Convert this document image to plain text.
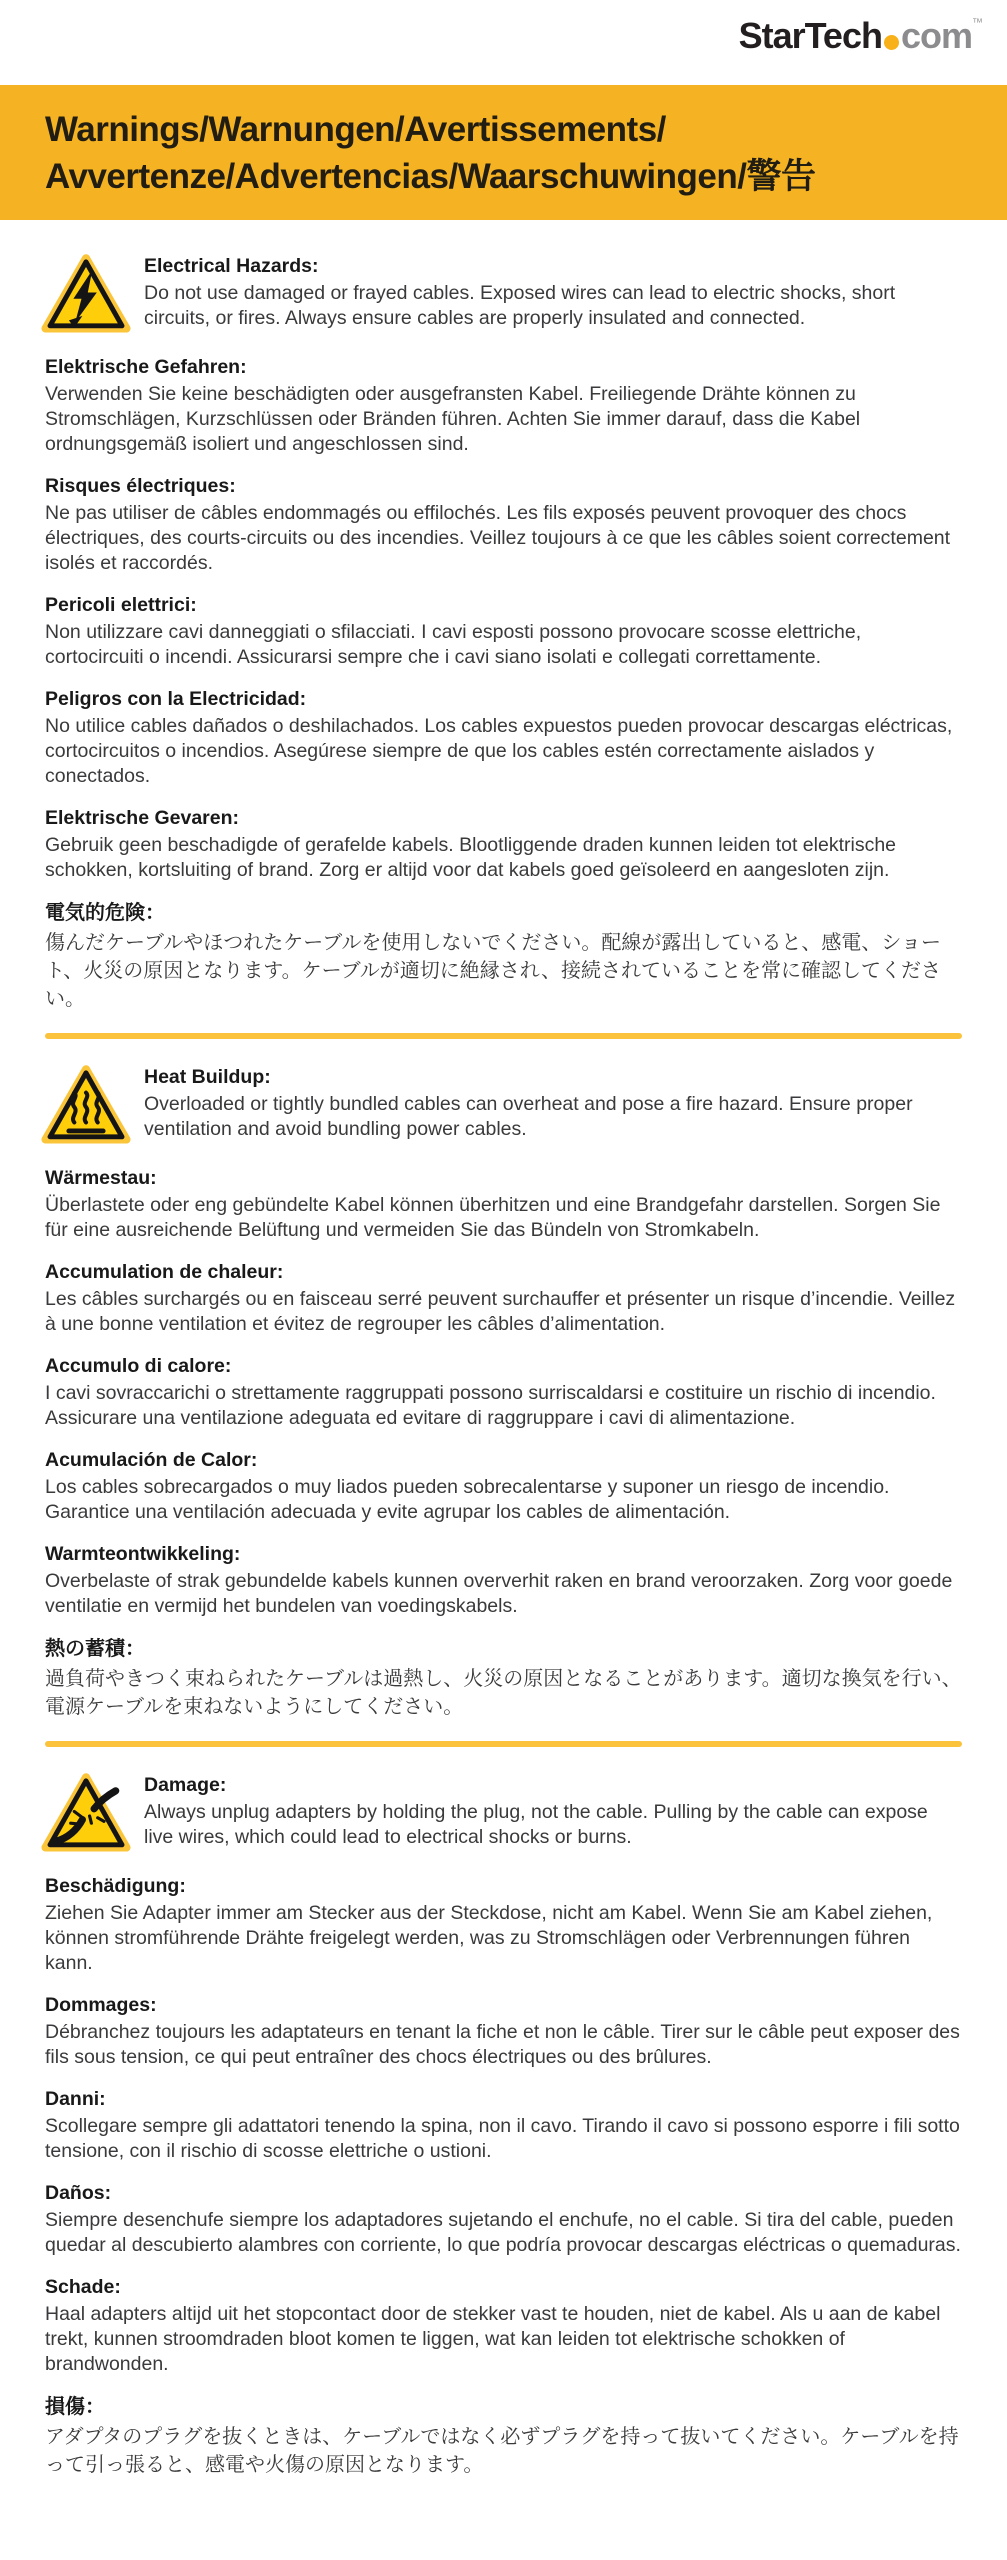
StarTech com™
Warnings/Warnungen/Avertissements/
Avvertenze/Advertencias/Waarschuwingen/警告
Electrical Hazards:

Do not use damaged or frayed cables. Exposed wires can lead to electric shocks, short circuits, or fires. Always ensure cables are properly insulated and connected.

Elektrische Gefahren:

Verwenden Sie keine beschädigten oder ausgefransten Kabel. Freiliegende Drähte können zu Stromschlägen, Kurzschlüssen oder Bränden führen. Achten Sie immer darauf, dass die Kabel ordnungsgemäß isoliert und angeschlossen sind.

Risques électriques:

Ne pas utiliser de câbles endommagés ou effilochés. Les fils exposés peuvent provoquer des chocs électriques, des courts-circuits ou des incendies. Veillez toujours à ce que les câbles soient correctement isolés et raccordés.

Pericoli elettrici:

Non utilizzare cavi danneggiati o sfilacciati. I cavi esposti possono provocare scosse elettriche, cortocircuiti o incendi. Assicurarsi sempre che i cavi siano isolati e collegati correttamente.

Peligros con la Electricidad:

No utilice cables dañados o deshilachados. Los cables expuestos pueden provocar descargas eléctricas, cortocircuitos o incendios. Asegúrese siempre de que los cables estén correctamente aislados y conectados.

Elektrische Gevaren:

Gebruik geen beschadigde of gerafelde kabels. Blootliggende draden kunnen leiden tot elektrische schokken, kortsluiting of brand. Zorg er altijd voor dat kabels goed geïsoleerd en aangesloten zijn.

電気的危険：

傷んだケーブルやほつれたケーブルを使用しないでください。配線が露出していると、感電、ショート、火災の原因となります。ケーブルが適切に絶縁され、接続されていることを常に確認してください。

Heat Buildup:

Overloaded or tightly bundled cables can overheat and pose a fire hazard. Ensure proper ventilation and avoid bundling power cables.

Wärmestau:

Überlastete oder eng gebündelte Kabel können überhitzen und eine Brandgefahr darstellen. Sorgen Sie für eine ausreichende Belüftung und vermeiden Sie das Bündeln von Stromkabeln.

Accumulation de chaleur:

Les câbles surchargés ou en faisceau serré peuvent surchauffer et présenter un risque d’incendie. Veillez à une bonne ventilation et évitez de regrouper les câbles d’alimentation.

Accumulo di calore:

I cavi sovraccarichi o strettamente raggruppati possono surriscaldarsi e costituire un rischio di incendio. Assicurare una ventilazione adeguata ed evitare di raggruppare i cavi di alimentazione.

Acumulación de Calor:

Los cables sobrecargados o muy liados pueden sobrecalentarse y suponer un riesgo de incendio. Garantice una ventilación adecuada y evite agrupar los cables de alimentación.

Warmteontwikkeling:

Overbelaste of strak gebundelde kabels kunnen oververhit raken en brand veroorzaken. Zorg voor goede ventilatie en vermijd het bundelen van voedingskabels.

熱の蓄積：

過負荷やきつく束ねられたケーブルは過熱し、火災の原因となることがあります。適切な換気を行い、電源ケーブルを束ねないようにしてください。

Damage:

Always unplug adapters by holding the plug, not the cable. Pulling by the cable can expose live wires, which could lead to electrical shocks or burns.

Beschädigung:

Ziehen Sie Adapter immer am Stecker aus der Steckdose, nicht am Kabel. Wenn Sie am Kabel ziehen, können stromführende Drähte freigelegt werden, was zu Stromschlägen oder Verbrennungen führen kann.

Dommages:

Débranchez toujours les adaptateurs en tenant la fiche et non le câble. Tirer sur le câble peut exposer des fils sous tension, ce qui peut entraîner des chocs électriques ou des brûlures.

Danni:

Scollegare sempre gli adattatori tenendo la spina, non il cavo. Tirando il cavo si possono esporre i fili sotto tensione, con il rischio di scosse elettriche o ustioni.

Daños:

Siempre desenchufe siempre los adaptadores sujetando el enchufe, no el cable. Si tira del cable, pueden quedar al descubierto alambres con corriente, lo que podría provocar descargas eléctricas o quemaduras.

Schade:

Haal adapters altijd uit het stopcontact door de stekker vast te houden, niet de kabel. Als u aan de kabel trekt, kunnen stroomdraden bloot komen te liggen, wat kan leiden tot elektrische schokken of brandwonden.

損傷：

アダプタのプラグを抜くときは、ケーブルではなく必ずプラグを持って抜いてください。ケーブルを持って引っ張ると、感電や火傷の原因となります。
